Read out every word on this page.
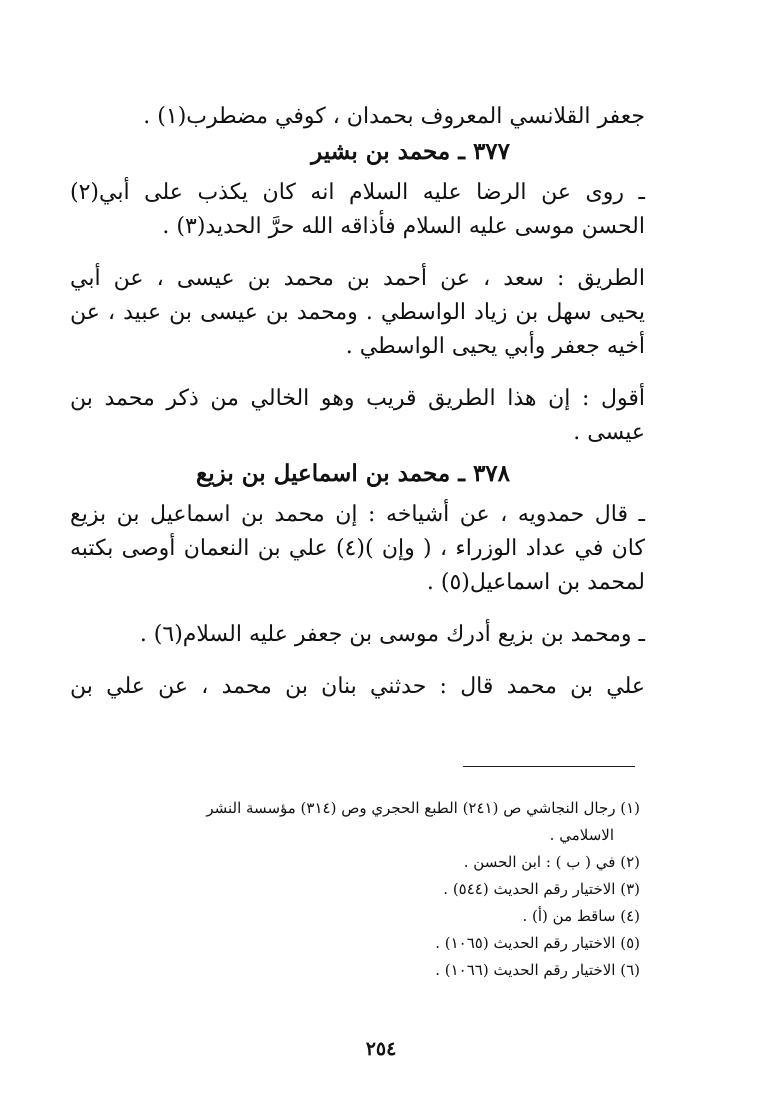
جعفر القلانسي المعروف بحمدان ، كوفي مضطرب(١) .
٣٧٧ ـ محمد بن بشير
ـ روى عن الرضا عليه السلام انه كان يكذب على أبي(٢)
الحسن موسى عليه السلام فأذاقه الله حرَّ الحديد(٣) .
الطريق : سعد ، عن أحمد بن محمد بن عيسى ، عن أبي
يحيى سهل بن زياد الواسطي . ومحمد بن عيسى بن عبيد ، عن
أخيه جعفر وأبي يحيى الواسطي .
أقول : إن هذا الطريق قريب وهو الخالي من ذكر محمد بن
عيسى .
٣٧٨ ـ محمد بن اسماعيل بن بزيع
ـ قال حمدويه ، عن أشياخه : إن محمد بن اسماعيل بن بزيع
كان في عداد الوزراء ، ( وإن )(٤) علي بن النعمان أوصى بكتبه
لمحمد بن اسماعيل(٥) .
ـ ومحمد بن بزيع أدرك موسى بن جعفر عليه السلام(٦) .
علي بن محمد قال : حدثني بنان بن محمد ، عن علي بن
(١) رجال النجاشي ص (٢٤١) الطبع الحجري وص (٣١٤) مؤسسة النشر
الاسلامي .
(٢) في ( ب ) : ابن الحسن .
(٣) الاختيار رقم الحديث (٥٤٤) .
(٤) ساقط من (أ) .
(٥) الاختيار رقم الحديث (١٠٦٥) .
(٦) الاختيار رقم الحديث (١٠٦٦) .
٢٥٤
